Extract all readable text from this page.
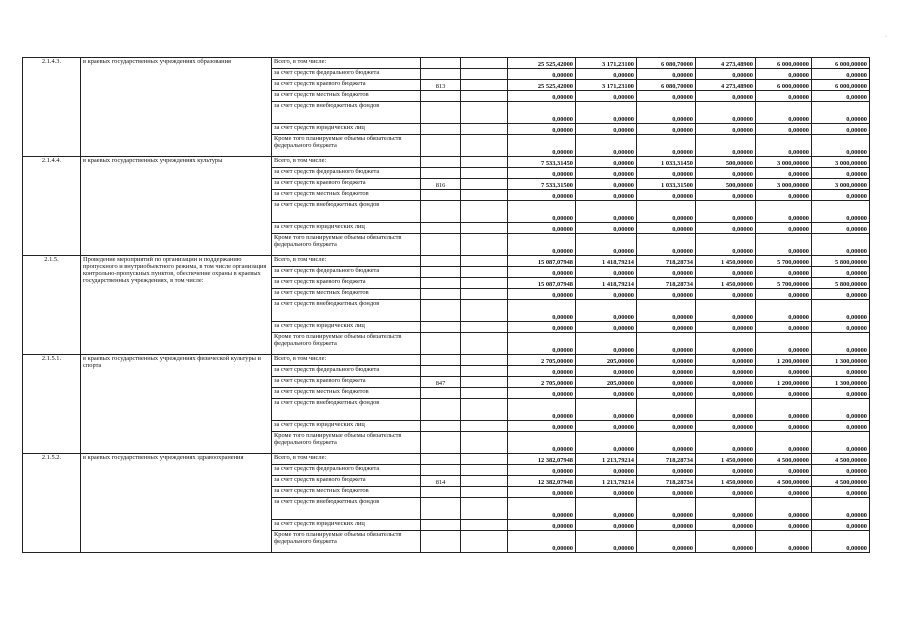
·
2.1.4.3.	в краевых государственных учреждениях образования	Всего, в том числе:			25 525,42000	3 171,23100	6 080,70000	4 273,48900	6 000,00000	6 000,00000
		за счет средств федерального бюджета			0,00000	0,00000	0,00000	0,00000	0,00000	0,00000
		за счет средств краевого бюджета	813		25 525,42000	3 171,23100	6 080,70000	4 273,48900	6 000,00000	6 000,00000
		за счет средств местных бюджетов			0,00000	0,00000	0,00000	0,00000	0,00000	0,00000
		за счет средств внебюджетных фондов			0,00000	0,00000	0,00000	0,00000	0,00000	0,00000
		за счет средств юридических лиц			0,00000	0,00000	0,00000	0,00000	0,00000	0,00000
		Кроме того планируемые объемы обязательств федерального бюджета			0,00000	0,00000	0,00000	0,00000	0,00000	0,00000
2.1.4.4.	в краевых государственных учреждениях культуры	Всего, в том числе:			7 533,31450	0,00000	1 033,31450	500,00000	3 000,00000	3 000,00000
		за счет средств федерального бюджета			0,00000	0,00000	0,00000	0,00000	0,00000	0,00000
		за счет средств краевого бюджета	816		7 533,31500	0,00000	1 033,31500	500,00000	3 000,00000	3 000,00000
		за счет средств местных бюджетов			0,00000	0,00000	0,00000	0,00000	0,00000	0,00000
		за счет средств внебюджетных фондов			0,00000	0,00000	0,00000	0,00000	0,00000	0,00000
		за счет средств юридических лиц			0,00000	0,00000	0,00000	0,00000	0,00000	0,00000
		Кроме того планируемые объемы обязательств федерального бюджета			0,00000	0,00000	0,00000	0,00000	0,00000	0,00000
2.1.5.	Проведение мероприятий по организации и поддержанию пропускного и внутриобъектного режима, в том числе организация контрольно-пропускных пунктов, обеспечение охраны в краевых государственных учреждениях, в том числе:	Всего, в том числе:			15 087,07948	1 418,79214	718,28734	1 450,00000	5 700,00000	5 800,00000
		за счет средств федерального бюджета			0,00000	0,00000	0,00000	0,00000	0,00000	0,00000
		за счет средств краевого бюджета			15 087,07948	1 418,79214	718,28734	1 450,00000	5 700,00000	5 800,00000
		за счет средств местных бюджетов			0,00000	0,00000	0,00000	0,00000	0,00000	0,00000
		за счет средств внебюджетных фондов			0,00000	0,00000	0,00000	0,00000	0,00000	0,00000
		за счет средств юридических лиц			0,00000	0,00000	0,00000	0,00000	0,00000	0,00000
		Кроме того планируемые объемы обязательств федерального бюджета			0,00000	0,00000	0,00000	0,00000	0,00000	0,00000
2.1.5.1.	в краевых государственных учреждениях физической культуры и спорта	Всего, в том числе:			2 705,00000	205,00000	0,00000	0,00000	1 200,00000	1 300,00000
		за счет средств федерального бюджета			0,00000	0,00000	0,00000	0,00000	0,00000	0,00000
		за счет средств краевого бюджета	847		2 705,00000	205,00000	0,00000	0,00000	1 200,00000	1 300,00000
		за счет средств местных бюджетов			0,00000	0,00000	0,00000	0,00000	0,00000	0,00000
		за счет средств внебюджетных фондов			0,00000	0,00000	0,00000	0,00000	0,00000	0,00000
		за счет средств юридических лиц			0,00000	0,00000	0,00000	0,00000	0,00000	0,00000
		Кроме того планируемые объемы обязательств федерального бюджета			0,00000	0,00000	0,00000	0,00000	0,00000	0,00000
2.1.5.2.	в краевых государственных учреждениях здравоохранения	Всего, в том числе:			12 382,07948	1 213,79214	718,28734	1 450,00000	4 500,00000	4 500,00000
		за счет средств федерального бюджета			0,00000	0,00000	0,00000	0,00000	0,00000	0,00000
		за счет средств краевого бюджета	814		12 382,07948	1 213,79214	718,28734	1 450,00000	4 500,00000	4 500,00000
		за счет средств местных бюджетов			0,00000	0,00000	0,00000	0,00000	0,00000	0,00000
		за счет средств внебюджетных фондов			0,00000	0,00000	0,00000	0,00000	0,00000	0,00000
		за счет средств юридических лиц			0,00000	0,00000	0,00000	0,00000	0,00000	0,00000
		Кроме того планируемые объемы обязательств федерального бюджета			0,00000	0,00000	0,00000	0,00000	0,00000	0,00000
